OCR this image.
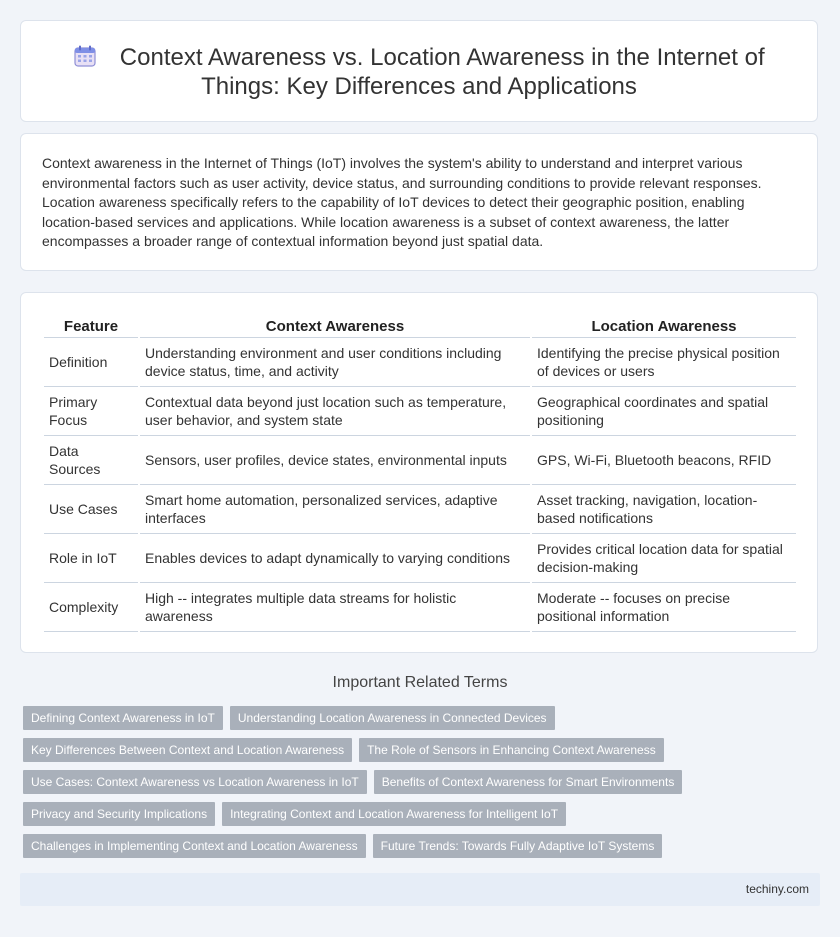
Context Awareness vs. Location Awareness in the Internet of Things: Key Differences and Applications

Context awareness in the Internet of Things (IoT) involves the system's ability to understand and interpret various environmental factors such as user activity, device status, and surrounding conditions to provide relevant responses. Location awareness specifically refers to the capability of IoT devices to detect their geographic position, enabling location-based services and applications. While location awareness is a subset of context awareness, the latter encompasses a broader range of contextual information beyond just spatial data.

Feature	Context Awareness	Location Awareness
Definition	Understanding environment and user conditions including device status, time, and activity	Identifying the precise physical position of devices or users
Primary Focus	Contextual data beyond just location such as temperature, user behavior, and system state	Geographical coordinates and spatial positioning
Data Sources	Sensors, user profiles, device states, environmental inputs	GPS, Wi-Fi, Bluetooth beacons, RFID
Use Cases	Smart home automation, personalized services, adaptive interfaces	Asset tracking, navigation, location-based notifications
Role in IoT	Enables devices to adapt dynamically to varying conditions	Provides critical location data for spatial decision-making
Complexity	High -- integrates multiple data streams for holistic awareness	Moderate -- focuses on precise positional information
Important Related Terms
Defining Context Awareness in IoT	Understanding Location Awareness in Connected Devices
Key Differences Between Context and Location Awareness	The Role of Sensors in Enhancing Context Awareness
Use Cases: Context Awareness vs Location Awareness in IoT	Benefits of Context Awareness for Smart Environments
Privacy and Security Implications	Integrating Context and Location Awareness for Intelligent IoT
Challenges in Implementing Context and Location Awareness	Future Trends: Towards Fully Adaptive IoT Systems
techiny.com
